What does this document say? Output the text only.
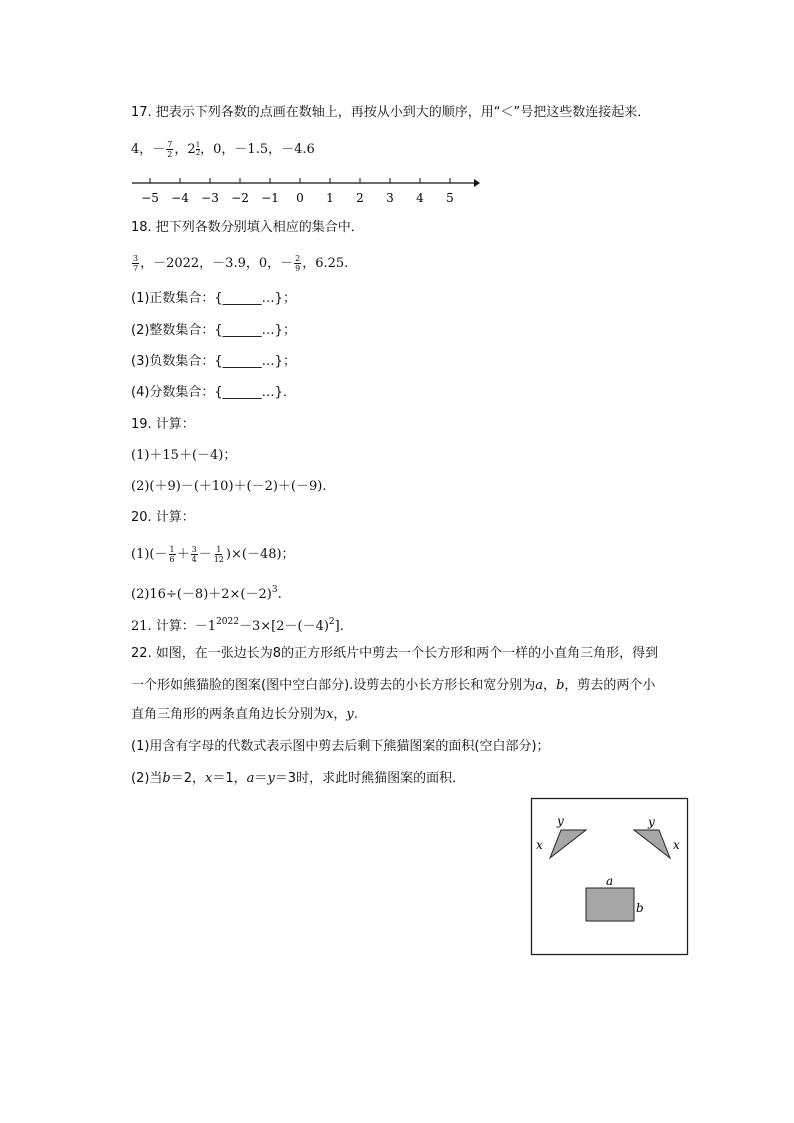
17. 把表示下列各数的点画在数轴上，再按从小到大的顺序，用“＜”号把这些数连接起来．
4，－ $\frac{7}{2}$ ，$2 \frac{1}{2}$ ，0，－1.5，－4.6
−5 −4 −3 −2 −1 0 1 2 3 4 5
18. 把下列各数分别填入相应的集合中．
$\frac{3}{7}$ ，－2022，－3.9，0，－ $\frac{2}{9}$ ，6.25.
(1)正数集合：{______…}；
(2)整数集合：{______…}；
(3)负数集合：{______…}；
(4)分数集合：{______…}．
19. 计算：
(1)＋15＋(－4)；
(2)(＋9)－(＋10)＋(－2)＋(－9).
20. 计算：
$(1)(- \frac{1}{6} + \frac{3}{4} - \frac{1}{12} )\times(-48)$；
$(2)16\div(-8)+2\times(-2)^3$.
21. 计算：$-1^{2022}-3\times[2-(-4)^2]$.
22. 如图，在一张边长为8的正方形纸片中剪去一个长方形和两个一样的小直角三角形，得到
一个形如熊猫脸的图案(图中空白部分).设剪去的小长方形长和宽分别为a，b，剪去的两个小
直角三角形的两条直角边长分别为x，y.
(1)用含有字母的代数式表示图中剪去后剩下熊猫图案的面积(空白部分)；
(2)当b＝2，x＝1，a＝y＝3时，求此时熊猫图案的面积．
y
x
y
x
a
b
